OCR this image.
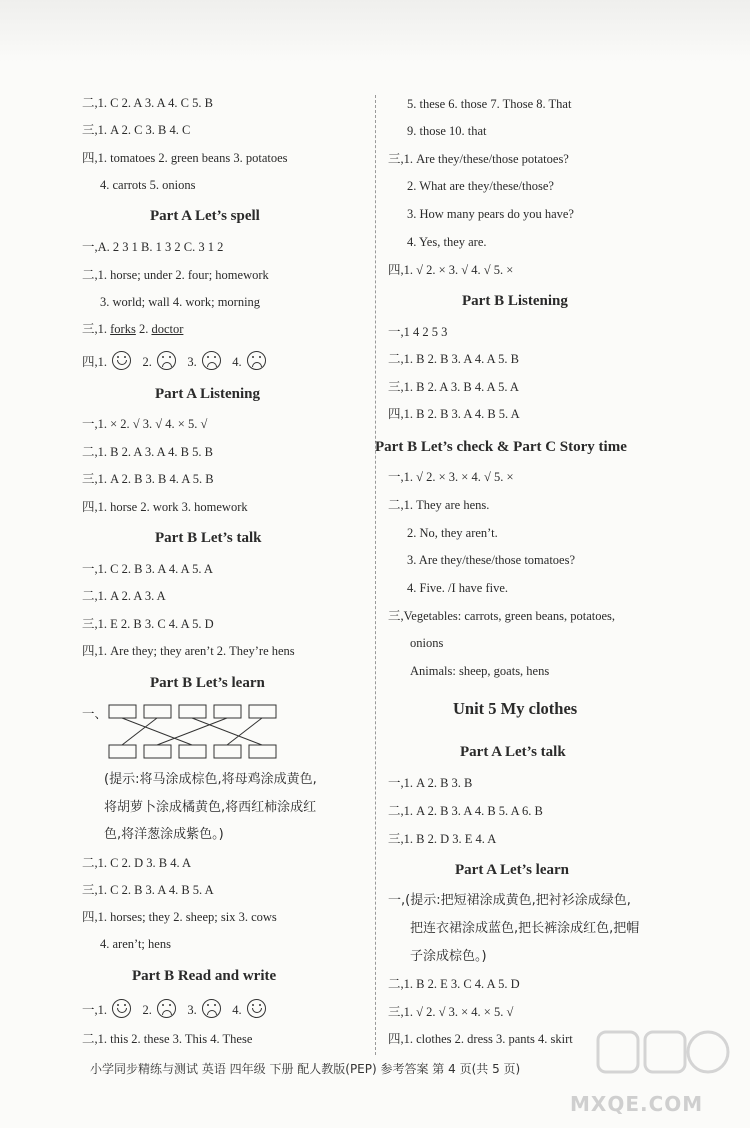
二,1. C 2. A 3. A 4. C 5. B
三,1. A 2. C 3. B 4. C
四,1. tomatoes 2. green beans 3. potatoes
4. carrots 5. onions
Part A Let’s spell
一,A. 2 3 1 B. 1 3 2 C. 3 1 2
二,1. horse; under 2. four; homework
3. world; wall 4. work; morning
三,1. forks 2. doctor
四,1.	2.	3.	4.
Part A Listening
一,1. × 2. √ 3. √ 4. × 5. √
二,1. B 2. A 3. A 4. B 5. B
三,1. A 2. B 3. B 4. A 5. B
四,1. horse 2. work 3. homework
Part B Let’s talk
一,1. C 2. B 3. A 4. A 5. A
二,1. A 2. A 3. A
三,1. E 2. B 3. C 4. A 5. D
四,1. Are they; they aren’t 2. They’re hens
Part B Let’s learn
一、
(提示:将马涂成棕色,将母鸡涂成黄色,
将胡萝卜涂成橘黄色,将西红柿涂成红
色,将洋葱涂成紫色。)
二,1. C 2. D 3. B 4. A
三,1. C 2. B 3. A 4. B 5. A
四,1. horses; they 2. sheep; six 3. cows
4. aren’t; hens
Part B Read and write
一,1.	2.	3.	4.
二,1. this 2. these 3. This 4. These
5. these 6. those 7. Those 8. That
9. those 10. that
三,1. Are they/these/those potatoes?
2. What are they/these/those?
3. How many pears do you have?
4. Yes, they are.
四,1. √ 2. × 3. √ 4. √ 5. ×
Part B Listening
一,1 4 2 5 3
二,1. B 2. B 3. A 4. A 5. B
三,1. B 2. A 3. B 4. A 5. A
四,1. B 2. B 3. A 4. B 5. A
Part B Let’s check & Part C Story time
一,1. √ 2. × 3. × 4. √ 5. ×
二,1. They are hens.
2. No, they aren’t.
3. Are they/these/those tomatoes?
4. Five. /I have five.
三,Vegetables: carrots, green beans, potatoes,
onions
Animals: sheep, goats, hens
Unit 5 My clothes
Part A Let’s talk
一,1. A 2. B 3. B
二,1. A 2. B 3. A 4. B 5. A 6. B
三,1. B 2. D 3. E 4. A
Part A Let’s learn
一,(提示:把短裙涂成黄色,把衬衫涂成绿色,
把连衣裙涂成蓝色,把长裤涂成红色,把帽
子涂成棕色。)
二,1. B 2. E 3. C 4. A 5. D
三,1. √ 2. √ 3. × 4. × 5. √
四,1. clothes 2. dress 3. pants 4. skirt
小学同步精练与测试 英语 四年级 下册 配人教版(PEP) 参考答案 第 4 页(共 5 页)
MXQE.COM
